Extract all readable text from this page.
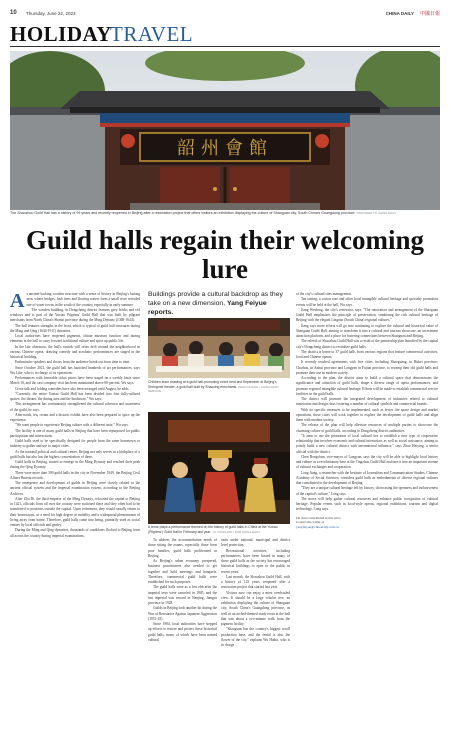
10 Thursday, June 22, 2023	CHINA DAILY 中國日報
HOLIDAY
TRAVEL
韶州會館
The Shaozhou Guild Hall has a history of 99 years and recently reopened in Beijing after a restoration project that offers visitors an exhibition displaying the culture of Shaoguan city, South China's Guangdong province. PROVIDED TO CHINA DAILY
Guild halls regain their welcoming lure

As ancient-looking wooden structure with a sense of history in Beijing's hutong area, where bridges, lush trees and flowing waters form a small river revealed one of water towns in the south of the country, especially in early summer.

The wooden building, in Dongcheng district features grey bricks and red windows and is part of the Yuxiao Pilgrims' Guild Hall that was built by pilgrant merchants from North China's Shanxi province during the Ming Dynasty (1368-1644).

The hall features strengths in the front, which is typical of guild hall structures during the Ming and Qing (1644-1911) dynasties.

Local authorities have reopened pigments, obtain museum function and during elements in the hall to carry forward traditional culture and spice up public life.

In the late afternoon, the hall's sounds will often drift around the neighborhood as various Chinese opera, drawing comedy and acrobatic performances are staged in the historical building.

Enthusiastic speakers and shows from the audience break out from time to time.

Since October 2021, the guild hall has launched hundreds of art performances, says Wu Lihe, who is in charge of its operations.

Performances with favorable ticket prices have been staged on a weekly basis since March 10, and the cast company visit has been maintained above 80 percent, Wu says.

Cross-talk and folding comedies have also been arranged until August, he adds.

"Currently, the entire Yuxiao Guild Hall has been divided into four fully-utilized spaces: the theater, the dining area and the bookstore," Wu says.

This arrangement has continuously strengthened the cultural cohesion and awareness of the guild, he says.

Afterwards, tea, cream and a historic exhibit have also been prepared to spice up the experience.

"We want people to experience Beijing culture with a different taste," Wu says.

The facility is one of many guild halls in Beijing that have been repurposed for public participation and interactions.

Guild halls used to be specifically designed for people from the same hometown or industry to gather and use to major cities.

As the national political and cultural center, Beijing not only serves as a birthplace of a guild halls but also has the highest concentration of them.

Guild halls in Beijing, started to emerge in the Ming Dynasty and reached their peak during the Qing Dynasty.

There were more than 390 guild halls in the city in November 1949, the Beijing Civil Affairs Bureau records.

The emergence and development of guilds in Beijing were closely related to the ancient official system and the imperial examination system, according to the Beijing Archives.

After Zhu Di, the third emperor of the Ming Dynasty, relocated the capital to Beijing in 1421, officials from all over the country were stationed there and they often had to be transferred to positions outside the capital. Upon retirement, they would usually return to their hometowns, so a need for high degree of mobility and a widespread phenomenon of living away from home. Therefore, guild halls came into being, primarily used as social venues by local officials and gentry.

During the Ming and Qing dynasties, thousands of candidates flocked to Beijing from all across the country during imperial examinations.

Buildings provide a cultural backdrop as they take on a new dimension, Yang Feiyue reports.
Children learn drawing at a guild hall-promoting event held last September at Beijing's Shengmei theater, a guild hall built by Shaoxing merchants. ZHAO HUANG / CHINA DAILY SERVICE
A tenor plays a performance themed on the history of guild halls in China at the Yuxiao (Pilgrims') Guild Hall in February last year. YU XIANGJUN / FOR CHINA DAILY

To address the accommodation needs of those sitting the exams, especially those from poor families, guild halls proliferated in Beijing.

As Beijing's urban economy prospered, business practitioners also needed to get together and hold meetings and banquets. Therefore, commercial guild halls were established for such purposes.

The guild halls were as a low ebb after the imperial tests were canceled in 1905, and the last imperial was toward in Nanjing, Jiangsu province in 1928.

Guilds in Beijing took another hit during the War of Resistance Against Japanese Aggression (1931-45).

Since 1984, local authorities have stepped up efforts to restore and protect these historical guild halls, many of which have been named cultural

units under national, municipal and district level protection.

Recreational activities, including performances, have been hosted in many of those guild halls as the society has encouraged historical buildings to open to the public in recent years.

Last month, the Shaozhou Guild Hall, with a history of 125 years, reopened after a restoration project that started last year.

Visitors now can enjoy a most overhauled view. It should be a large scholar tree, an exhibition displaying the culture of Shaoguan city, South China's Guangdong province, as well as an arched-themed study room at the hall that was about a two-minute walk from the pigment facility.

"Shaoguan has the country's biggest scroll production base, and the rental is also the flower of the city," explains Wu Haibo, who is in charge

of the city's cultural sites management.

Tea tasting, a cotton rose and other local intangible cultural heritage and specialty promotion events will be held at the hall, Wu says.

Jiang Weidong, the city's renovator, says, "The renovation and arrangement of the Shaoguan Guild Hall emphasizes the principle of preservation, combining the rich cultural heritage of Beijing with the elegant Lingnan (South China) regional cultures."

Jiang says more efforts will go into continuing to explore the cultural and historical value of Shaoguan Guild Hall, aiming to transform it into a cultural and tourism showcase, an investment attraction platform, and a place for fostering connections between Shaoguan and Beijing.

The refresh of Shaozhou Guild Hall was a result of the partnership plan launched by the capital city's Dongcheng district to revitalize guild halls.

The district is home to 37 guild halls from various regions that feature commercial activities, food and Chinese operas.

It recently reached agreements with five cities, including Shaoguang, in Hubei province; Chizhou, in Anhui province and Longyan in Fujian province, to revamp their old guild halls and promote their use in modern society.

According to the plan, the district aims to build a cultural space that demonstrates the significance and attraction of guild halls, shape a diverse range of opera performances, and promote regional intangible cultural heritage. Efforts will be made to establish commercial service facilities in the guild halls.

The district will promote the integrated development of industries related to cultural innovation and design, thus fostering a number of cultural symbols and commercial brands.

With its specific measures to be implemented, such as fewer fire space design and market operations, these cities will work together to explore the development of guild halls and align them with modern society.

The release of the plan will help alleviate resources of multiple parties to showcase the charming culture of guild halls, according to Dongcheng district authorities.

"It aims to use the promotion of local cultural ties to establish a new type of cooperative relationship that involves economic and cultural interaction, as well as social assistance, aiming to jointly build a new cultural district with international influence," says Zhao Haiying, a senior official with the district.

Chen Rongchun, vice-mayor of Longyan, says the city will be able to highlight local history and culture as a revolutionary base at the Tingzhou Guild Hall and turn it into an important avenue of cultural exchanges and cooperation.

Long Jiang, a researcher with the Institute of Journalism and Communication Studies, Chinese Academy of Social Sciences, considers guild halls as embodiments of diverse regional cultures that contributed to the development of Beijing.

"They are a unique cultural heritage left by history, showcasing the openness and inclusiveness of the capital's culture," Long says.

The move will help gather cultural resources and enhance public recognition of cultural heritage. Popular events such as local-style operas, regional exhibitions, tourism and digital technology, Long says.

Du Juan contributed to this story.
Contact the writer at
yangfeiyue@chinadaily.com.cn
